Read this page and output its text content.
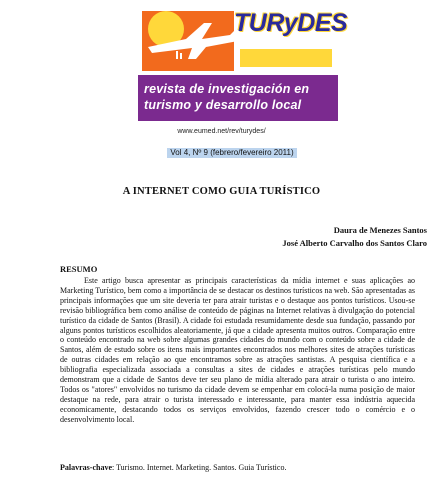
TURyDES
revista de investigación en
turismo y desarrollo local
www.eumed.net/rev/turydes/
Vol 4, Nº 9 (febrero/fevereiro 2011)
A INTERNET COMO GUIA TURÍSTICO
Daura de Menezes Santos
José Alberto Carvalho dos Santos Claro
RESUMO

Este artigo busca apresentar as principais características da mídia internet e suas aplicações ao Marketing Turístico, bem como a importância de se destacar os destinos turísticos na web. São apresentadas as principais informações que um site deveria ter para atrair turistas e o destaque aos pontos turísticos. Usou-se revisão bibliográfica bem como análise de conteúdo de páginas na Internet relativas à divulgação do potencial turístico da cidade de Santos (Brasil). A cidade foi estudada resumidamente desde sua fundação, passando por alguns pontos turísticos escolhidos aleatoriamente, já que a cidade apresenta muitos outros. Comparação entre o conteúdo encontrado na web sobre algumas grandes cidades do mundo com o conteúdo sobre a cidade de Santos, além de estudo sobre os itens mais importantes encontrados nos melhores sites de atrações turísticas de outras cidades em relação ao que encontramos sobre as atrações santistas. A pesquisa científica e a bibliografia especializada associada a consultas a sites de cidades e atrações turísticas pelo mundo demonstram que a cidade de Santos deve ter seu plano de mídia alterado para atrair o turista o ano inteiro. Todos os "atores" envolvidos no turismo da cidade devem se empenhar em colocá-la numa posição de maior destaque na rede, para atrair o turista interessado e interessante, para manter essa indústria aquecida economicamente, destacando todos os serviços envolvidos, fazendo crescer todo o comércio e o desenvolvimento local.

Palavras-chave: Turismo. Internet. Marketing. Santos. Guia Turístico.
